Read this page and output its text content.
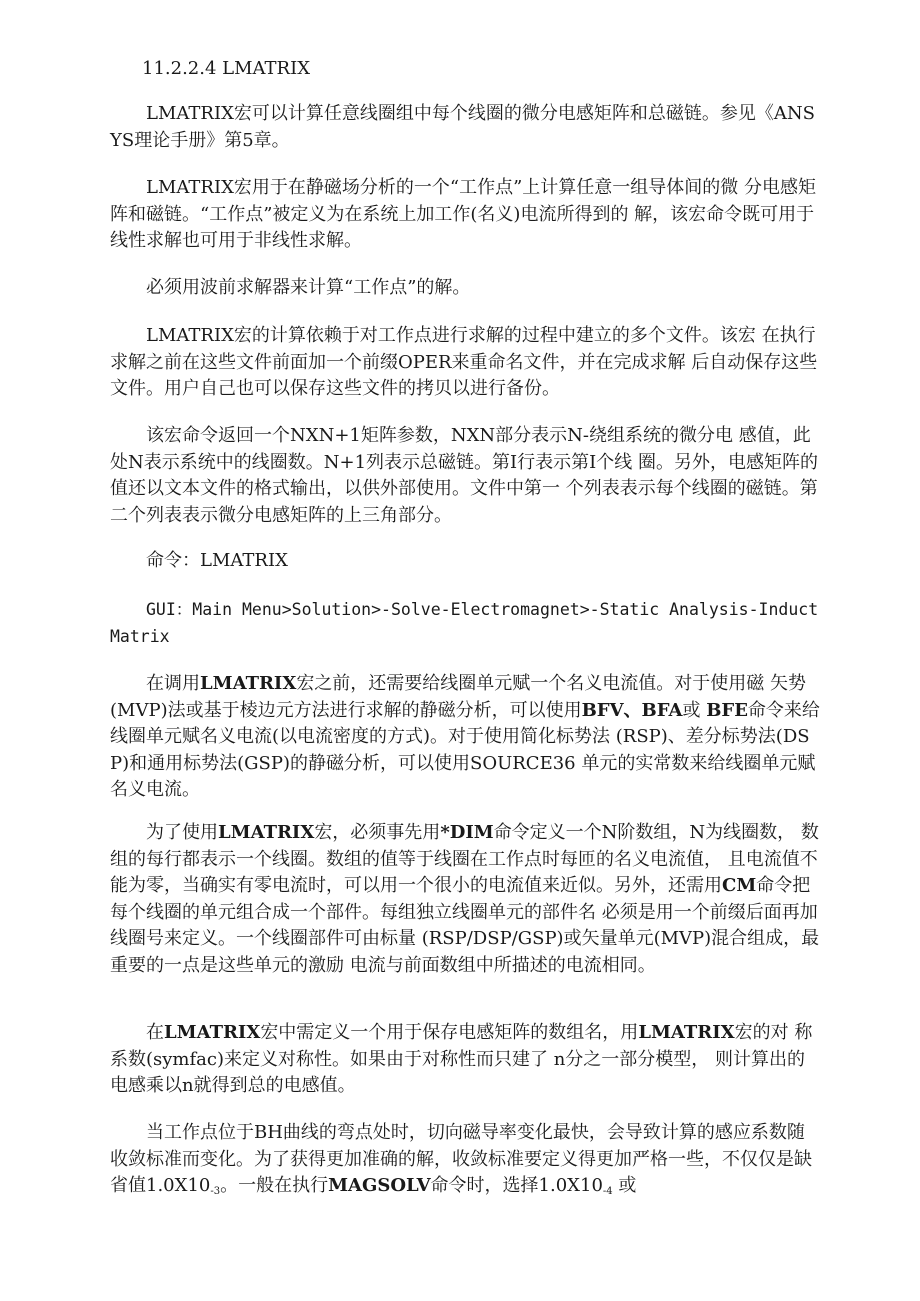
11.2.2.4 LMATRIX

LMATRIX宏可以计算任意线圈组中每个线圈的微分电感矩阵和总磁链。参见《ANSYS理论手册》第5章。

LMATRIX宏用于在静磁场分析的一个“工作点”上计算任意一组导体间的微 分电感矩阵和磁链。“工作点”被定义为在系统上加工作(名义)电流所得到的 解，该宏命令既可用于线性求解也可用于非线性求解。

必须用波前求解器来计算“工作点”的解。

LMATRIX宏的计算依赖于对工作点进行求解的过程中建立的多个文件。该宏 在执行求解之前在这些文件前面加一个前缀OPER来重命名文件，并在完成求解 后自动保存这些文件。用户自己也可以保存这些文件的拷贝以进行备份。

该宏命令返回一个NXN+1矩阵参数，NXN部分表示N-绕组系统的微分电 感值，此处N表示系统中的线圈数。N+1列表示总磁链。第I行表示第I个线 圈。另外，电感矩阵的值还以文本文件的格式输出，以供外部使用。文件中第一 个列表表示每个线圈的磁链。第二个列表表示微分电感矩阵的上三角部分。

命令：LMATRIX

GUI：Main Menu>Solution>-Solve-Electromagnet>-Static Analysis-Induct Matrix

在调用LMATRIX宏之前，还需要给线圈单元赋一个名义电流值。对于使用磁 矢势(MVP)法或基于棱边元方法进行求解的静磁分析，可以使用BFV、BFA或 BFE命令来给线圈单元赋名义电流(以电流密度的方式)。对于使用简化标势法 (RSP)、差分标势法(DSP)和通用标势法(GSP)的静磁分析，可以使用SOURCE36 单元的实常数来给线圈单元赋名义电流。

为了使用LMATRIX宏，必须事先用*DIM命令定义一个N阶数组，N为线圈数， 数组的每行都表示一个线圈。数组的值等于线圈在工作点时每匝的名义电流值， 且电流值不能为零，当确实有零电流时，可以用一个很小的电流值来近似。另外，还需用CM命令把每个线圈的单元组合成一个部件。每组独立线圈单元的部件名 必须是用一个前缀后面再加线圈号来定义。一个线圈部件可由标量 (RSP/DSP/GSP)或矢量单元(MVP)混合组成，最重要的一点是这些单元的激励 电流与前面数组中所描述的电流相同。

在LMATRIX宏中需定义一个用于保存电感矩阵的数组名，用LMATRIX宏的对 称系数(symfac)来定义对称性。如果由于对称性而只建了 n分之一部分模型， 则计算出的电感乘以n就得到总的电感值。

当工作点位于BH曲线的弯点处时，切向磁导率变化最快，会导致计算的感应系数随收敛标准而变化。为了获得更加准确的解，收敛标准要定义得更加严格一些，不仅仅是缺省值$1.0X10_{-3}$。一般在执行MAGSOLV命令时，选择$1.0X10_{-4}$ 或
